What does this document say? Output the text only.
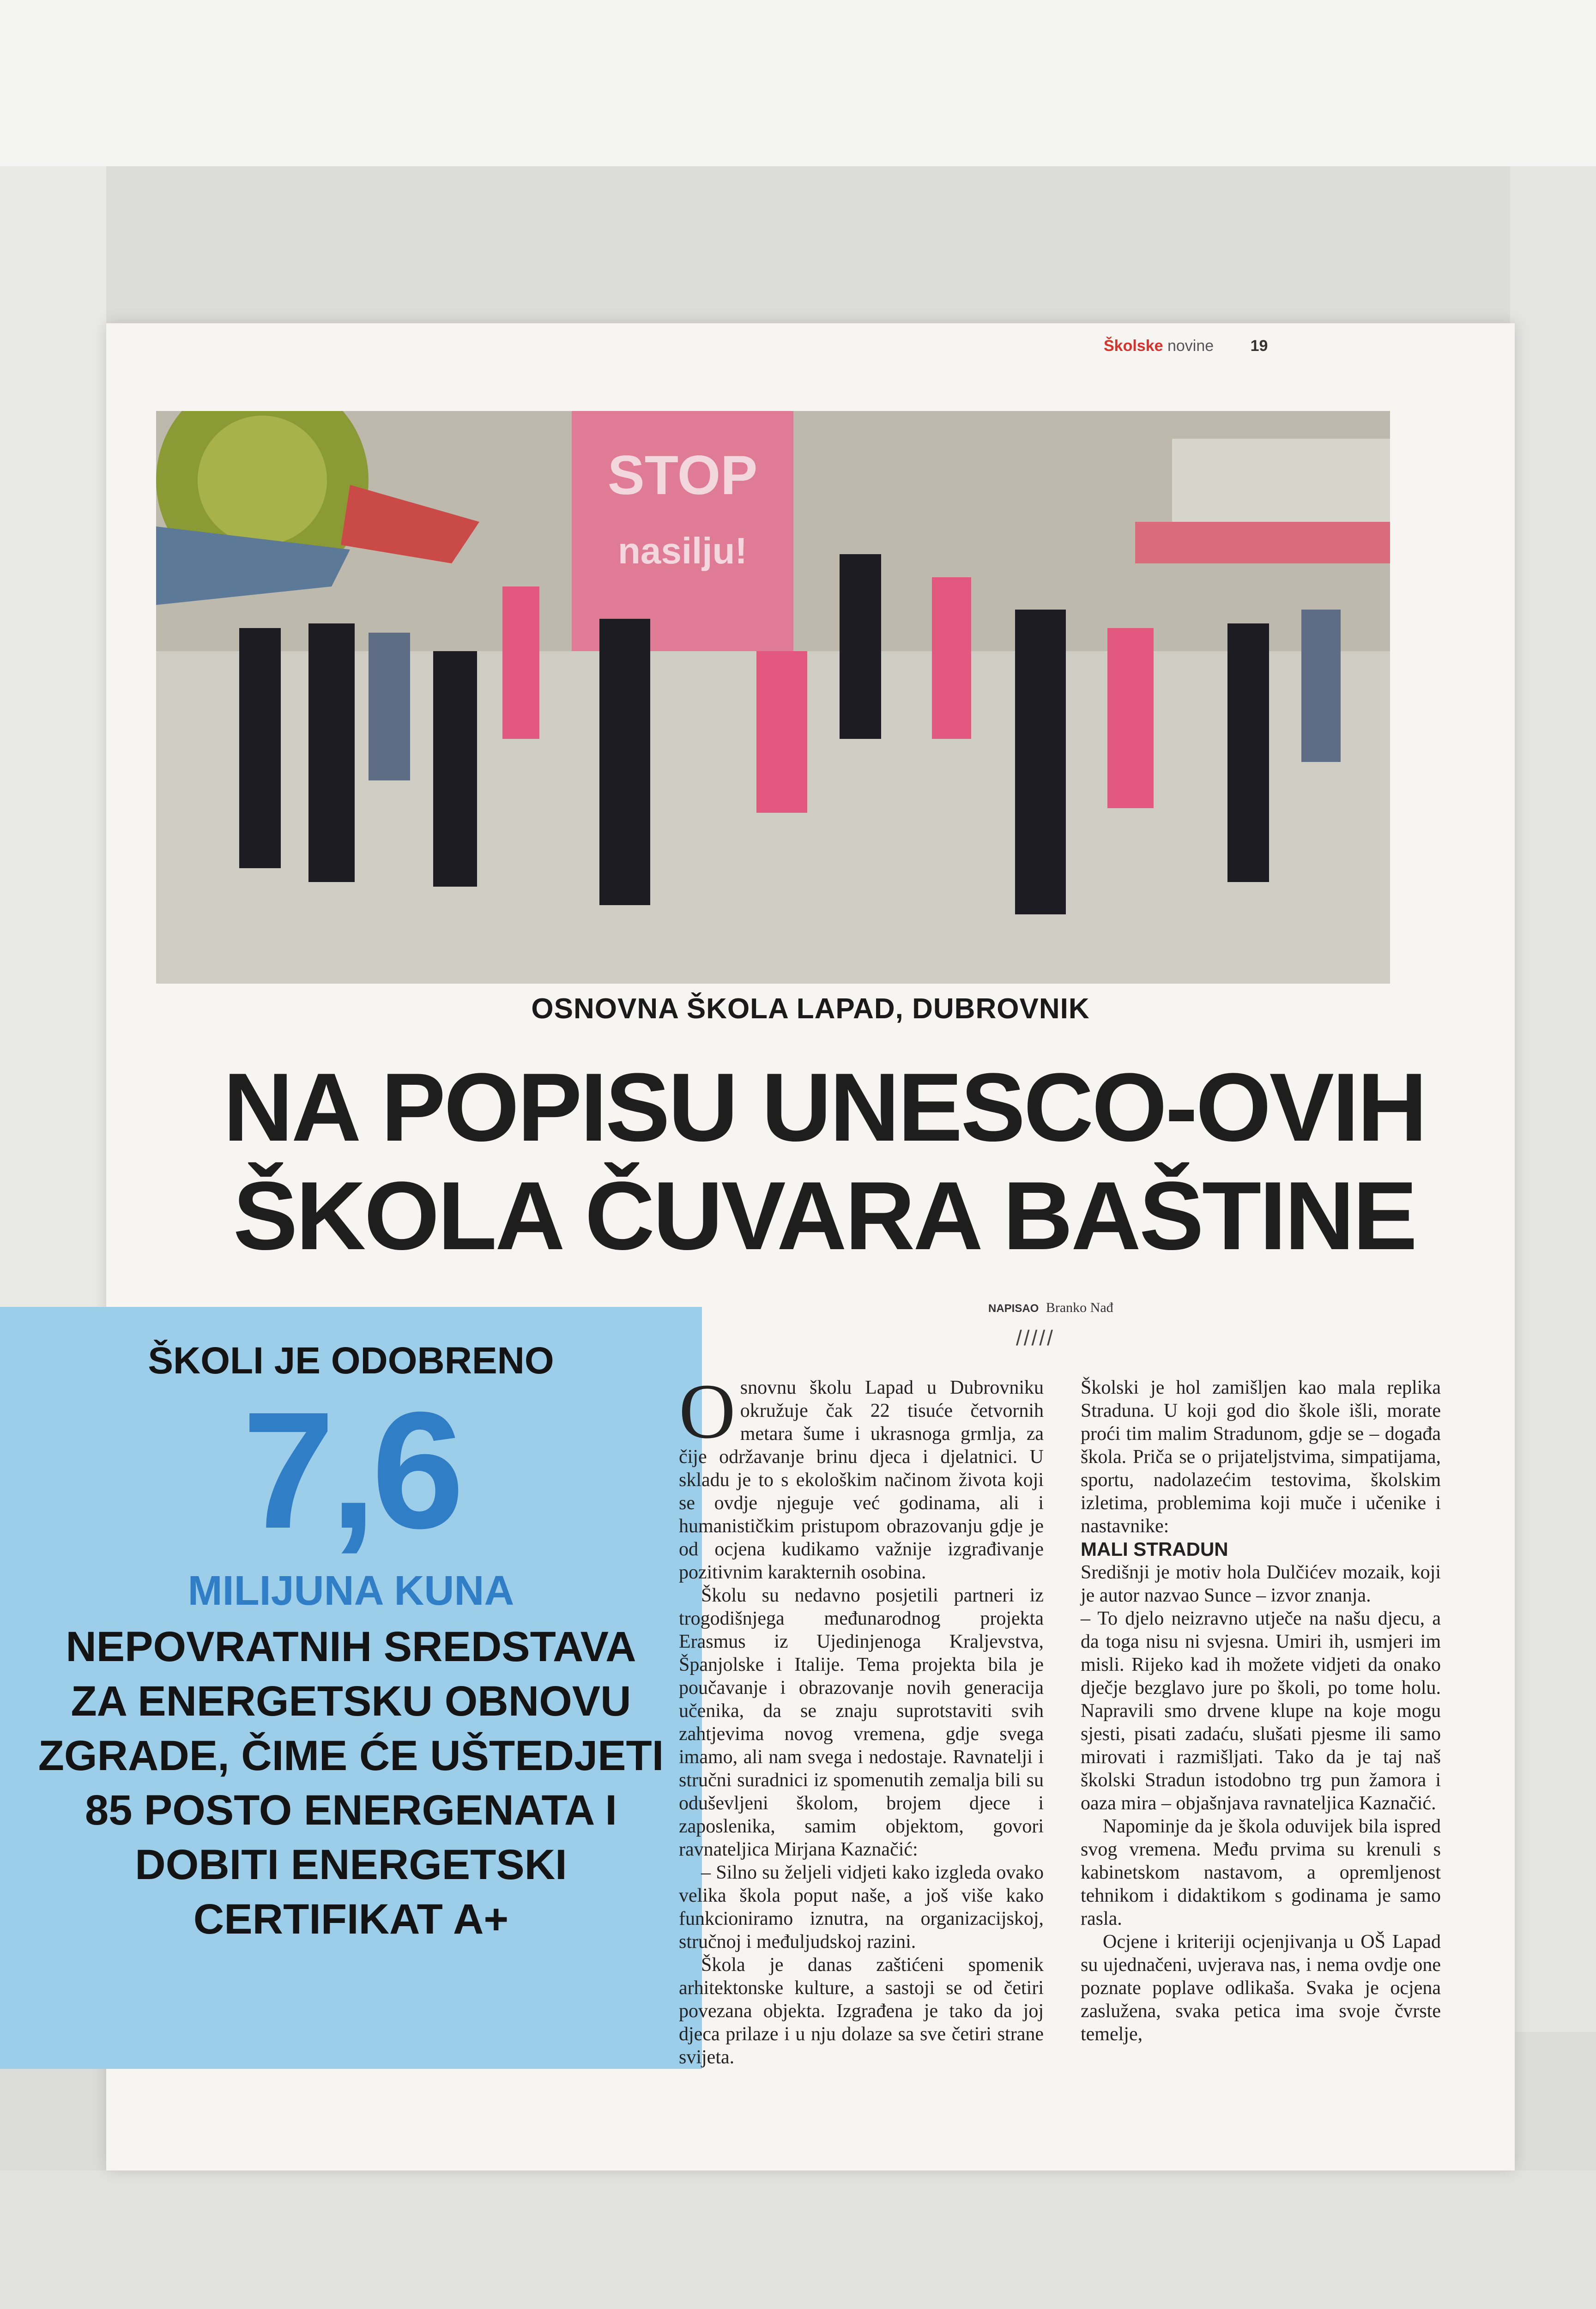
Školske novine 19
STOP
nasilju!
OSNOVNA ŠKOLA LAPAD, DUBROVNIK
NA POPISU UNESCO-OVIH
ŠKOLA ČUVARA BAŠTINE
ŠKOLI JE ODOBRENO
7,6
MILIJUNA KUNA
NEPOVRATNIH SREDSTAVA ZA ENERGETSKU OBNOVU ZGRADE, ČIME ĆE UŠTEDJETI 85 POSTO ENERGENATA I DOBITI ENERGETSKI CERTIFIKAT A+
NAPISAO Branko Nađ
/////

Osnovnu školu Lapad u Dubrovniku okružuje čak 22 tisuće četvornih metara šume i ukrasnoga grmlja, za čije održavanje brinu djeca i djelatnici. U skladu je to s ekološkim načinom života koji se ovdje njeguje već godinama, ali i humanističkim pristupom obrazovanju gdje je od ocjena kudikamo važnije izgrađivanje pozitivnim karakternih osobina.

Školu su nedavno posjetili partneri iz trogodišnjega međunarodnog projekta Erasmus iz Ujedinjenoga Kraljevstva, Španjolske i Italije. Tema projekta bila je poučavanje i obrazovanje novih generacija učenika, da se znaju suprotstaviti svih zahtjevima novog vremena, gdje svega imamo, ali nam svega i nedostaje. Ravnatelji i stručni suradnici iz spomenutih zemalja bili su oduševljeni školom, brojem djece i zaposlenika, samim objektom, govori ravnateljica Mirjana Kaznačić:

– Silno su željeli vidjeti kako izgleda ovako velika škola poput naše, a još više kako funkcioniramo iznutra, na organizacijskoj, stručnoj i međuljudskoj razini.

Škola je danas zaštićeni spomenik arhitektonske kulture, a sastoji se od četiri povezana objekta. Izgrađena je tako da joj djeca prilaze i u nju dolaze sa sve četiri strane svijeta.

Školski je hol zamišljen kao mala replika Straduna. U koji god dio škole išli, morate proći tim malim Stradunom, gdje se – događa škola. Priča se o prijateljstvima, simpatijama, sportu, nadolazećim testovima, školskim izletima, problemima koji muče i učenike i nastavnike:

MALI STRADUN

Središnji je motiv hola Dulčićev mozaik, koji je autor nazvao Sunce – izvor znanja.

– To djelo neizravno utječe na našu djecu, a da toga nisu ni svjesna. Umiri ih, usmjeri im misli. Rijeko kad ih možete vidjeti da onako dječje bezglavo jure po školi, po tome holu. Napravili smo drvene klupe na koje mogu sjesti, pisati zadaću, slušati pjesme ili samo mirovati i razmišljati. Tako da je taj naš školski Stradun istodobno trg pun žamora i oaza mira – objašnjava ravnateljica Kaznačić.

Napominje da je škola oduvijek bila ispred svog vremena. Među prvima su krenuli s kabinetskom nastavom, a opremljenost tehnikom i didaktikom s godinama je samo rasla.

Ocjene i kriteriji ocjenjivanja u OŠ Lapad su ujednačeni, uvjerava nas, i nema ovdje one poznate poplave odlikaša. Svaka je ocjena zaslužena, svaka petica ima svoje čvrste temelje,
